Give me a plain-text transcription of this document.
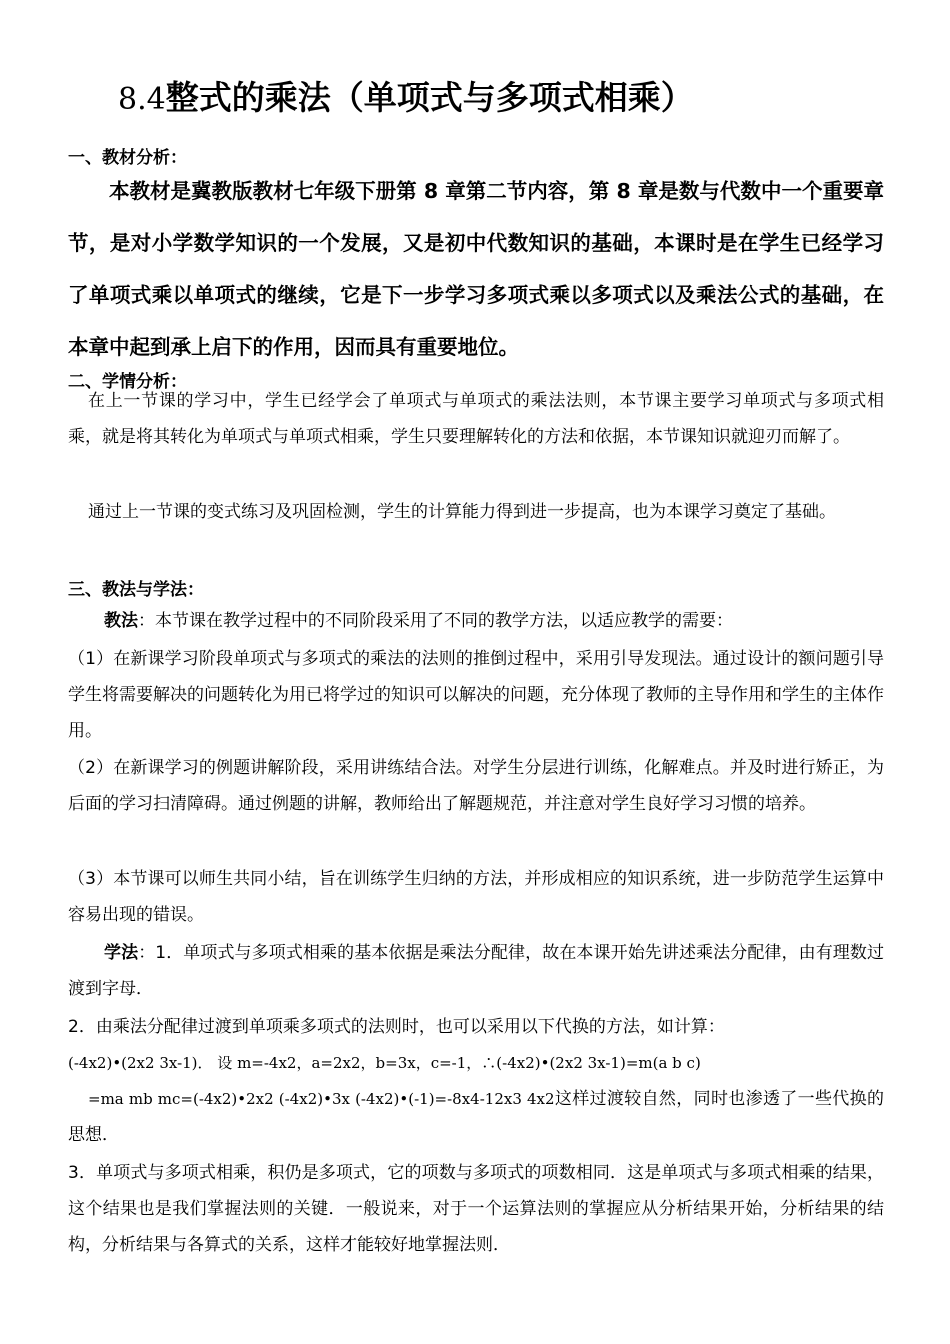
8.4整式的乘法（单项式与多项式相乘）
一、教材分析：
本教材是冀教版教材七年级下册第 8 章第二节内容，第 8 章是数与代数中一个重要章节，是对小学数学知识的一个发展，又是初中代数知识的基础，本课时是在学生已经学习了单项式乘以单项式的继续，它是下一步学习多项式乘以多项式以及乘法公式的基础，在本章中起到承上启下的作用，因而具有重要地位。
二、学情分析：
在上一节课的学习中，学生已经学会了单项式与单项式的乘法法则，本节课主要学习单项式与多项式相乘，就是将其转化为单项式与单项式相乘，学生只要理解转化的方法和依据，本节课知识就迎刃而解了。
通过上一节课的变式练习及巩固检测，学生的计算能力得到进一步提高，也为本课学习奠定了基础。
三、教法与学法：
教法：本节课在教学过程中的不同阶段采用了不同的教学方法，以适应教学的需要：
（1）在新课学习阶段单项式与多项式的乘法的法则的推倒过程中，采用引导发现法。通过设计的额问题引导学生将需要解决的问题转化为用已将学过的知识可以解决的问题，充分体现了教师的主导作用和学生的主体作用。
（2）在新课学习的例题讲解阶段，采用讲练结合法。对学生分层进行训练，化解难点。并及时进行矫正，为后面的学习扫清障碍。通过例题的讲解，教师给出了解题规范，并注意对学生良好学习习惯的培养。
（3）本节课可以师生共同小结，旨在训练学生归纳的方法，并形成相应的知识系统，进一步防范学生运算中容易出现的错误。
学法：1．单项式与多项式相乘的基本依据是乘法分配律，故在本课开始先讲述乘法分配律，由有理数过渡到字母．
2．由乘法分配律过渡到单项乘多项式的法则时，也可以采用以下代换的方法，如计算：
(-4x2)•(2x2 3x-1)． 设 m=-4x2，a=2x2，b=3x，c=-1，∴(-4x2)•(2x2 3x-1)=m(a b c)
=ma mb mc=(-4x2)•2x2 (-4x2)•3x (-4x2)•(-1)=-8x4-12x3 4x2这样过渡较自然，同时也渗透了一些代换的思想．
3．单项式与多项式相乘，积仍是多项式，它的项数与多项式的项数相同．这是单项式与多项式相乘的结果，这个结果也是我们掌握法则的关键．一般说来，对于一个运算法则的掌握应从分析结果开始，分析结果的结构，分析结果与各算式的关系，这样才能较好地掌握法则．
